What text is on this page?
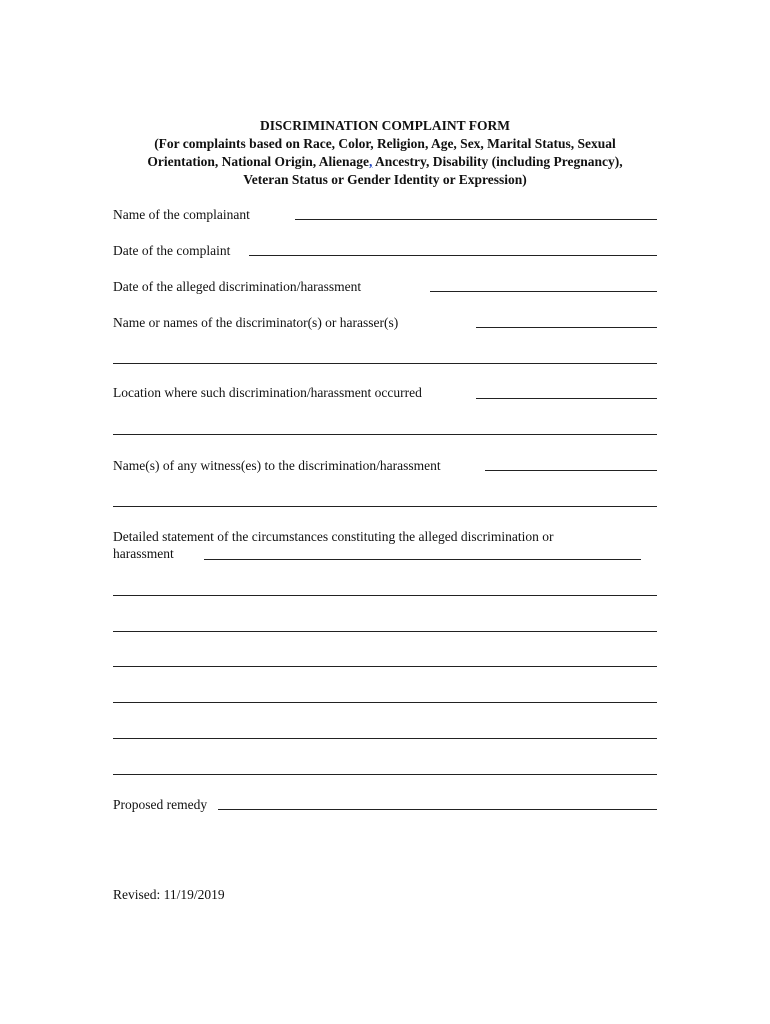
DISCRIMINATION COMPLAINT FORM
(For complaints based on Race, Color, Religion, Age, Sex, Marital Status, Sexual
Orientation, National Origin, Alienage, Ancestry, Disability (including Pregnancy),
Veteran Status or Gender Identity or Expression)
Name of the complainant
Date of the complaint
Date of the alleged discrimination/harassment
Name or names of the discriminator(s) or harasser(s)
Location where such discrimination/harassment occurred
Name(s) of any witness(es) to the discrimination/harassment
Detailed statement of the circumstances constituting the alleged discrimination or
harassment
Proposed remedy
Revised: 11/19/2019
